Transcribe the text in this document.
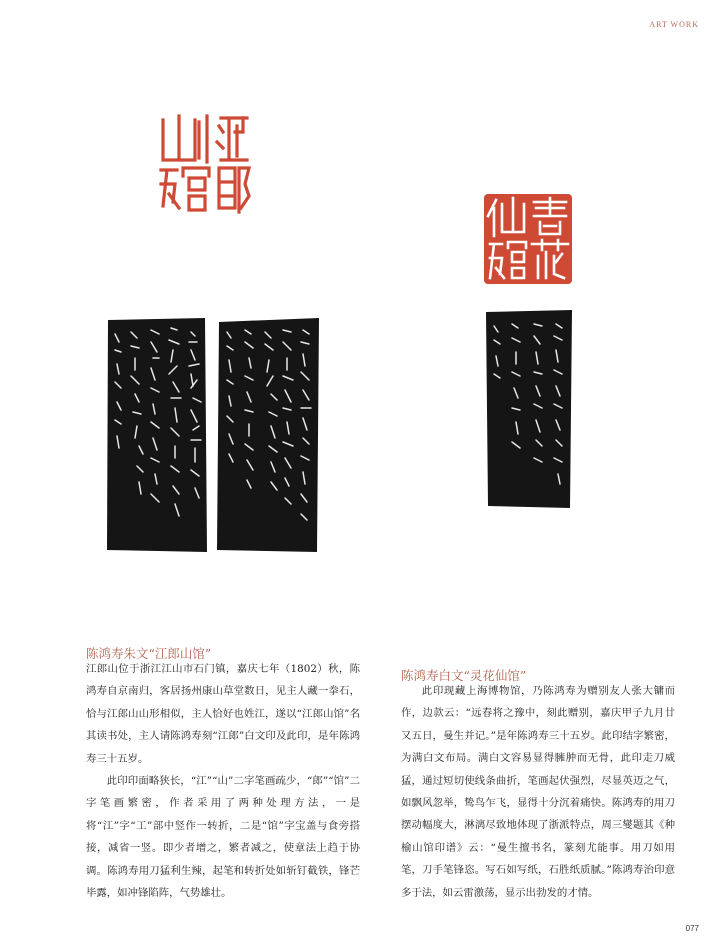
ART WORK
陈鸿寿朱文“江郎山馆”

江郎山位于浙江江山市石门镇，嘉庆七年（1802）秋，陈鸿寿自京南归，客居扬州康山草堂数日，见主人藏一拳石，恰与江郎山山形相似，主人恰好也姓江，遂以“江郎山馆”名其读书处，主人请陈鸿寿刻“江郎”白文印及此印，是年陈鸿寿三十五岁。

此印印面略狭长，“江”“山”二字笔画疏少，“郎”“馆”二字笔画繁密，作者采用了两种处理方法，一是将“江”字“工”部中竖作一转折，二是“馆”字宝盖与食旁搭接，减省一竖。即少者增之，繁者减之，使章法上趋于协调。陈鸿寿用刀猛利生辣，起笔和转折处如斩钉截铁，锋芒毕露，如冲锋陷阵，气势雄壮。

陈鸿寿白文“灵花仙馆”

此印现藏上海博物馆，乃陈鸿寿为赠别友人张大镛而作，边款云：“远春将之豫中，刻此赠别，嘉庆甲子九月廿又五日，曼生并记。”是年陈鸿寿三十五岁。此印结字繁密，为满白文布局。满白文容易显得臃肿而无骨，此印走刀威猛，通过短切使线条曲折，笔画起伏强烈，尽显英迈之气，如飘风忽举，鸷鸟乍飞，显得十分沉着痛快。陈鸿寿的用刀摆动幅度大，淋漓尽致地体现了浙派特点，周三燮题其《种榆山馆印谱》云：“曼生擅书名，篆刻尤能事。用刀如用笔，刀手笔锋恣。写石如写纸，石胜纸质腻。”陈鸿寿治印意多于法，如云雷激荡，显示出勃发的才情。

077
